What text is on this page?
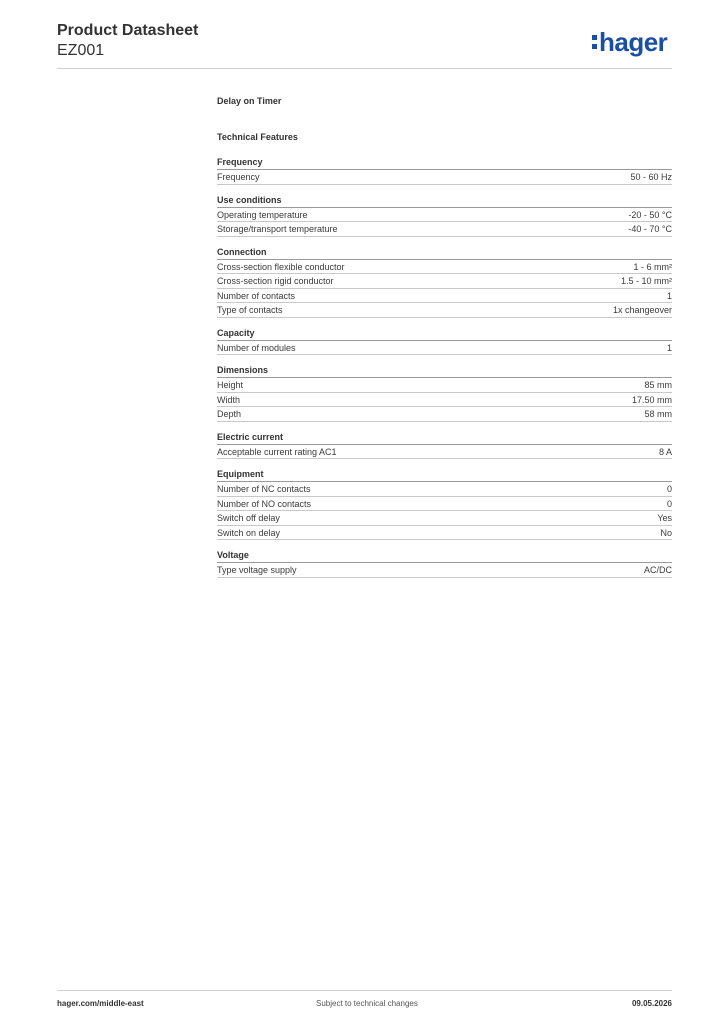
Product Datasheet
EZ001	hager
Delay on Timer
Technical Features
Frequency
Frequency	50 - 60 Hz
Use conditions
Operating temperature	-20 - 50 °C
Storage/transport temperature	-40 - 70 °C
Connection
Cross-section flexible conductor	1 - 6 mm²
Cross-section rigid conductor	1.5 - 10 mm²
Number of contacts	1
Type of contacts	1x changeover
Capacity
Number of modules	1
Dimensions
Height	85 mm
Width	17.50 mm
Depth	58 mm
Electric current
Acceptable current rating AC1	8 A
Equipment
Number of NC contacts	0
Number of NO contacts	0
Switch off delay	Yes
Switch on delay	No
Voltage
Type voltage supply	AC/DC
hager.com/middle-east	Subject to technical changes	09.05.2026
